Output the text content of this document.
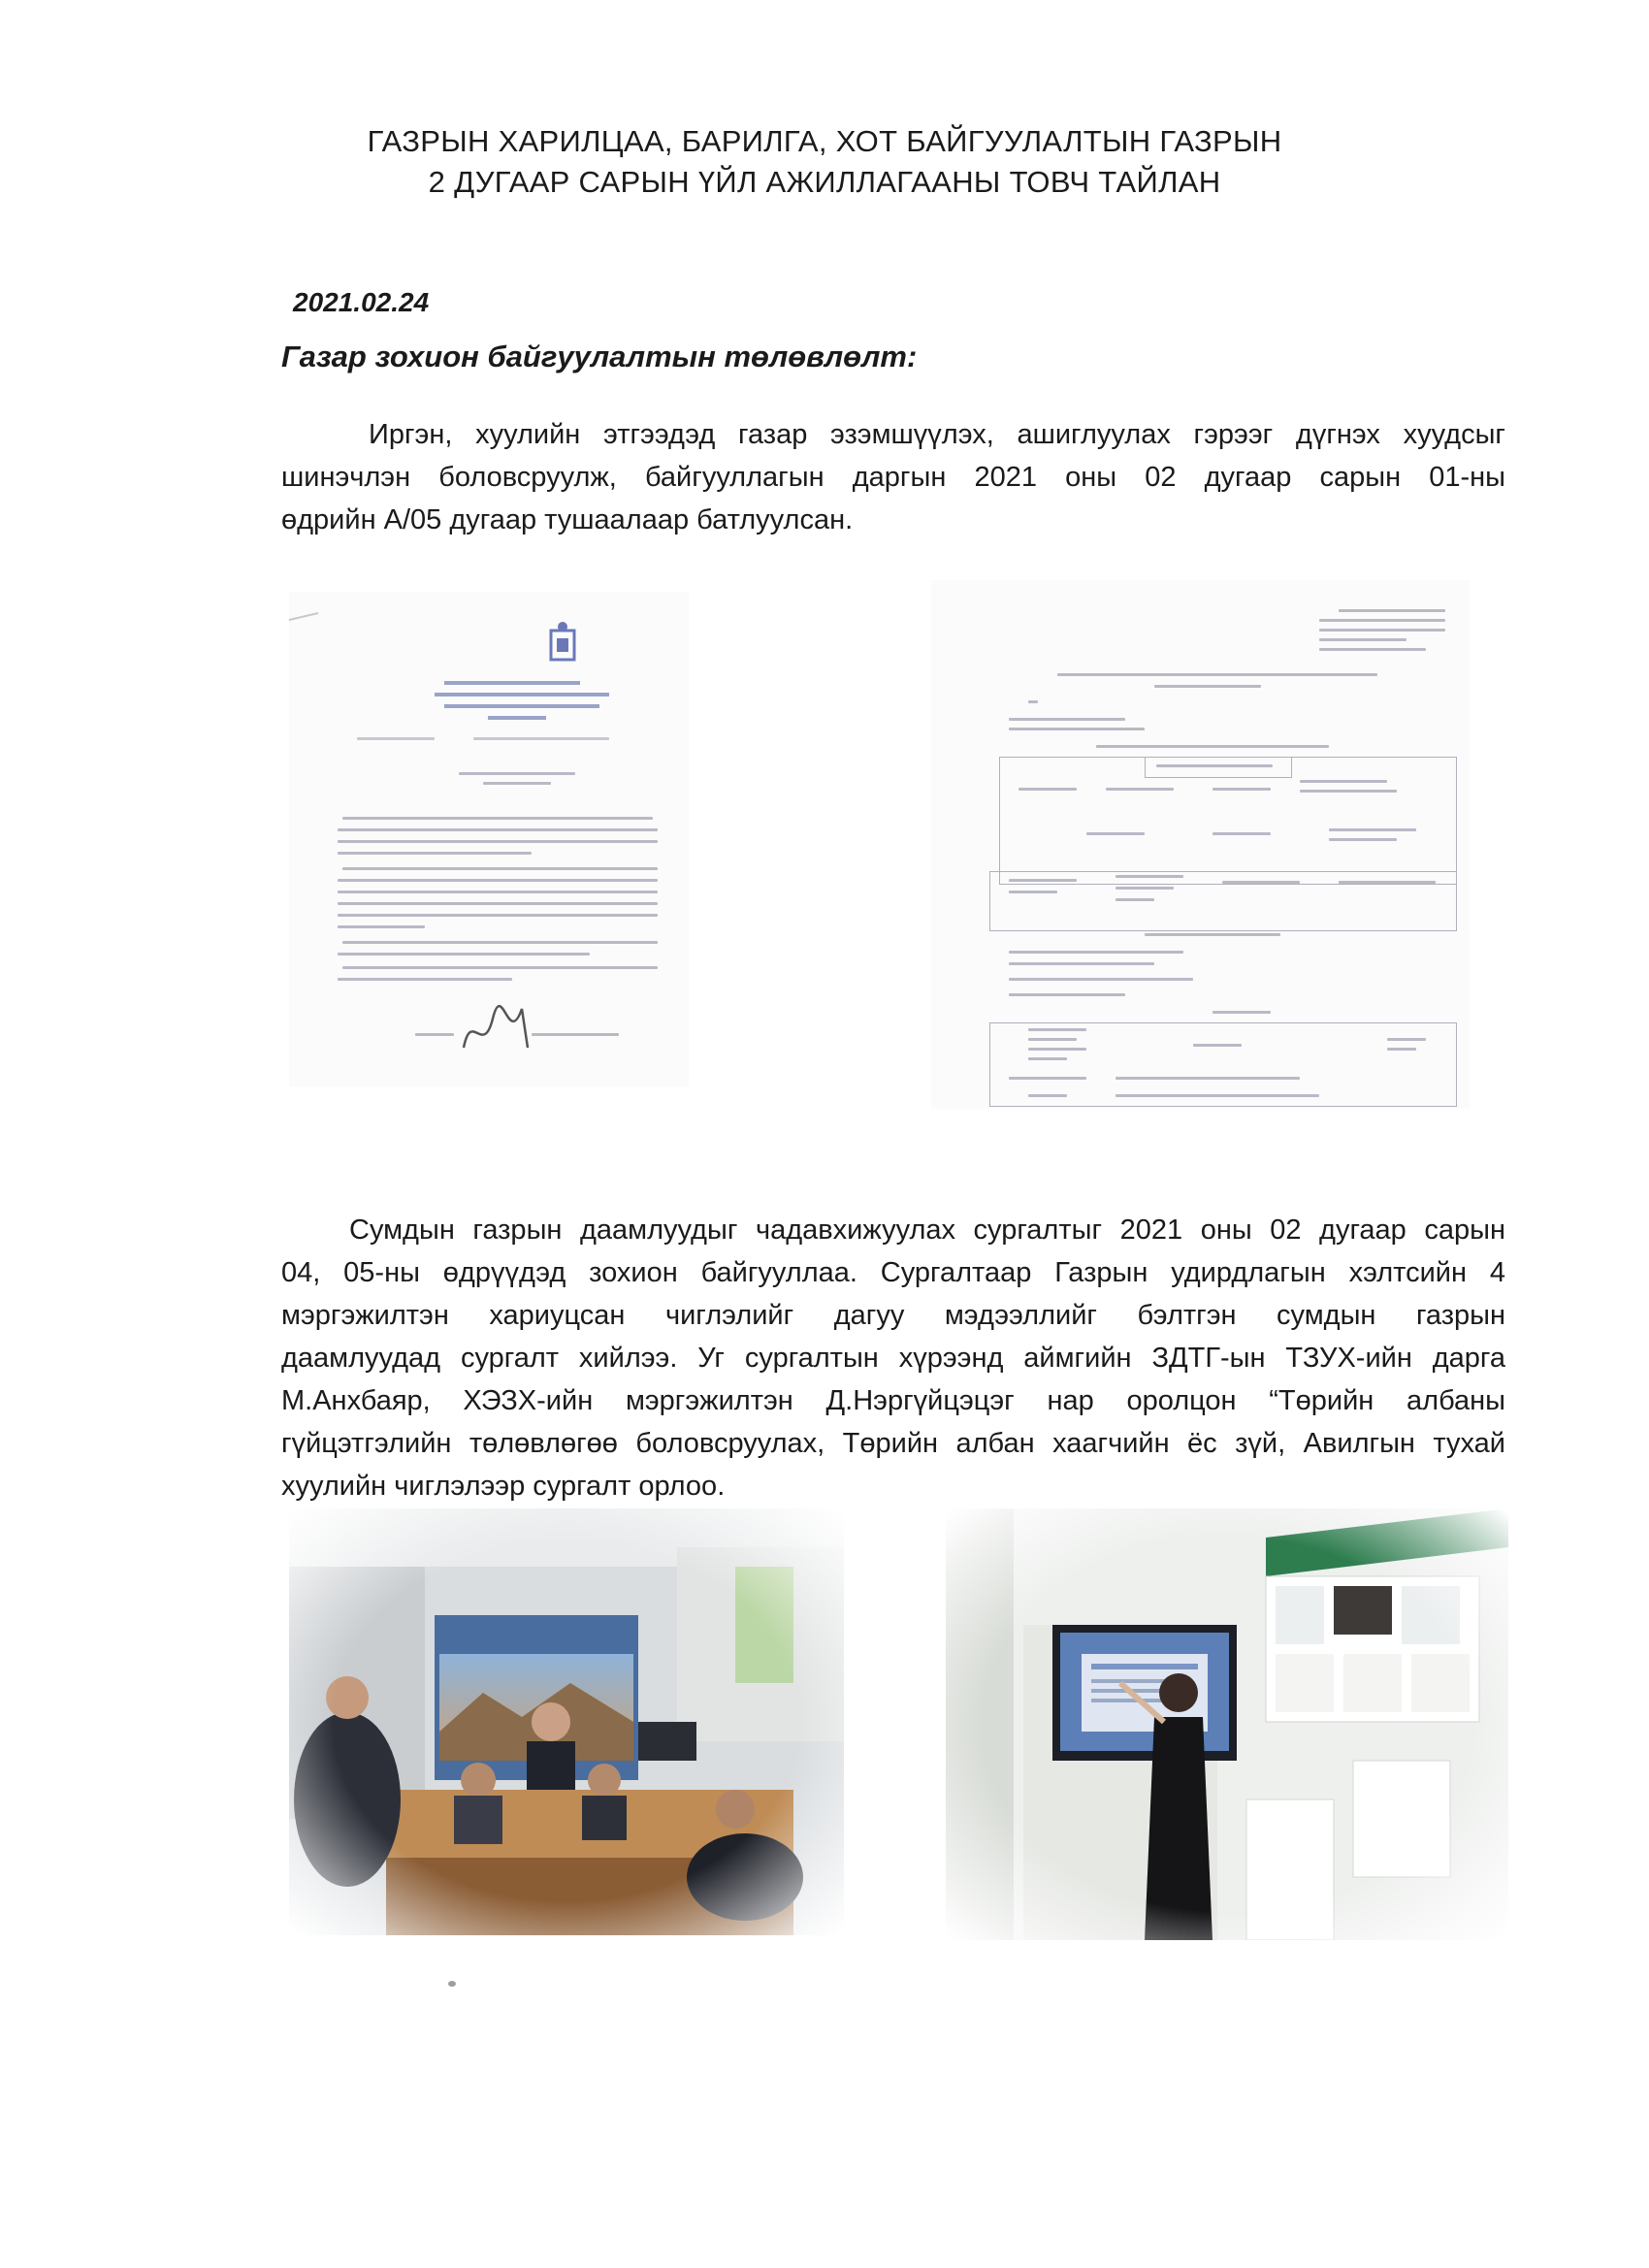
ГАЗРЫН ХАРИЛЦАА, БАРИЛГА, ХОТ БАЙГУУЛАЛТЫН ГАЗРЫН
2 ДУГААР САРЫН ҮЙЛ АЖИЛЛАГААНЫ ТОВЧ ТАЙЛАН
2021.02.24
Газар зохион байгуулалтын төлөвлөлт:
Иргэн, хуулийн этгээдэд газар эзэмшүүлэх, ашиглуулах гэрээг дүгнэх хуудсыг
шинэчлэн боловсруулж, байгууллагын даргын 2021 оны 02 дугаар сарын 01-ны
өдрийн А/05 дугаар тушаалаар батлуулсан.
Сумдын газрын даамлуудыг чадавхижуулах сургалтыг 2021 оны 02 дугаар сарын
04, 05-ны өдрүүдэд зохион байгууллаа. Сургалтаар Газрын удирдлагын хэлтсийн 4
мэргэжилтэн хариуцсан чиглэлийг дагуу мэдээллийг бэлтгэн сумдын газрын
даамлуудад сургалт хийлээ. Уг сургалтын хүрээнд аймгийн ЗДТГ-ын ТЗУХ-ийн дарга
М.Анхбаяр, ХЭЗХ-ийн мэргэжилтэн Д.Нэргүйцэцэг нар оролцон “Төрийн албаны
гүйцэтгэлийн төлөвлөгөө боловсруулах, Төрийн албан хаагчийн ёс зүй, Авилгын тухай
хуулийн чиглэлээр сургалт орлоо.
